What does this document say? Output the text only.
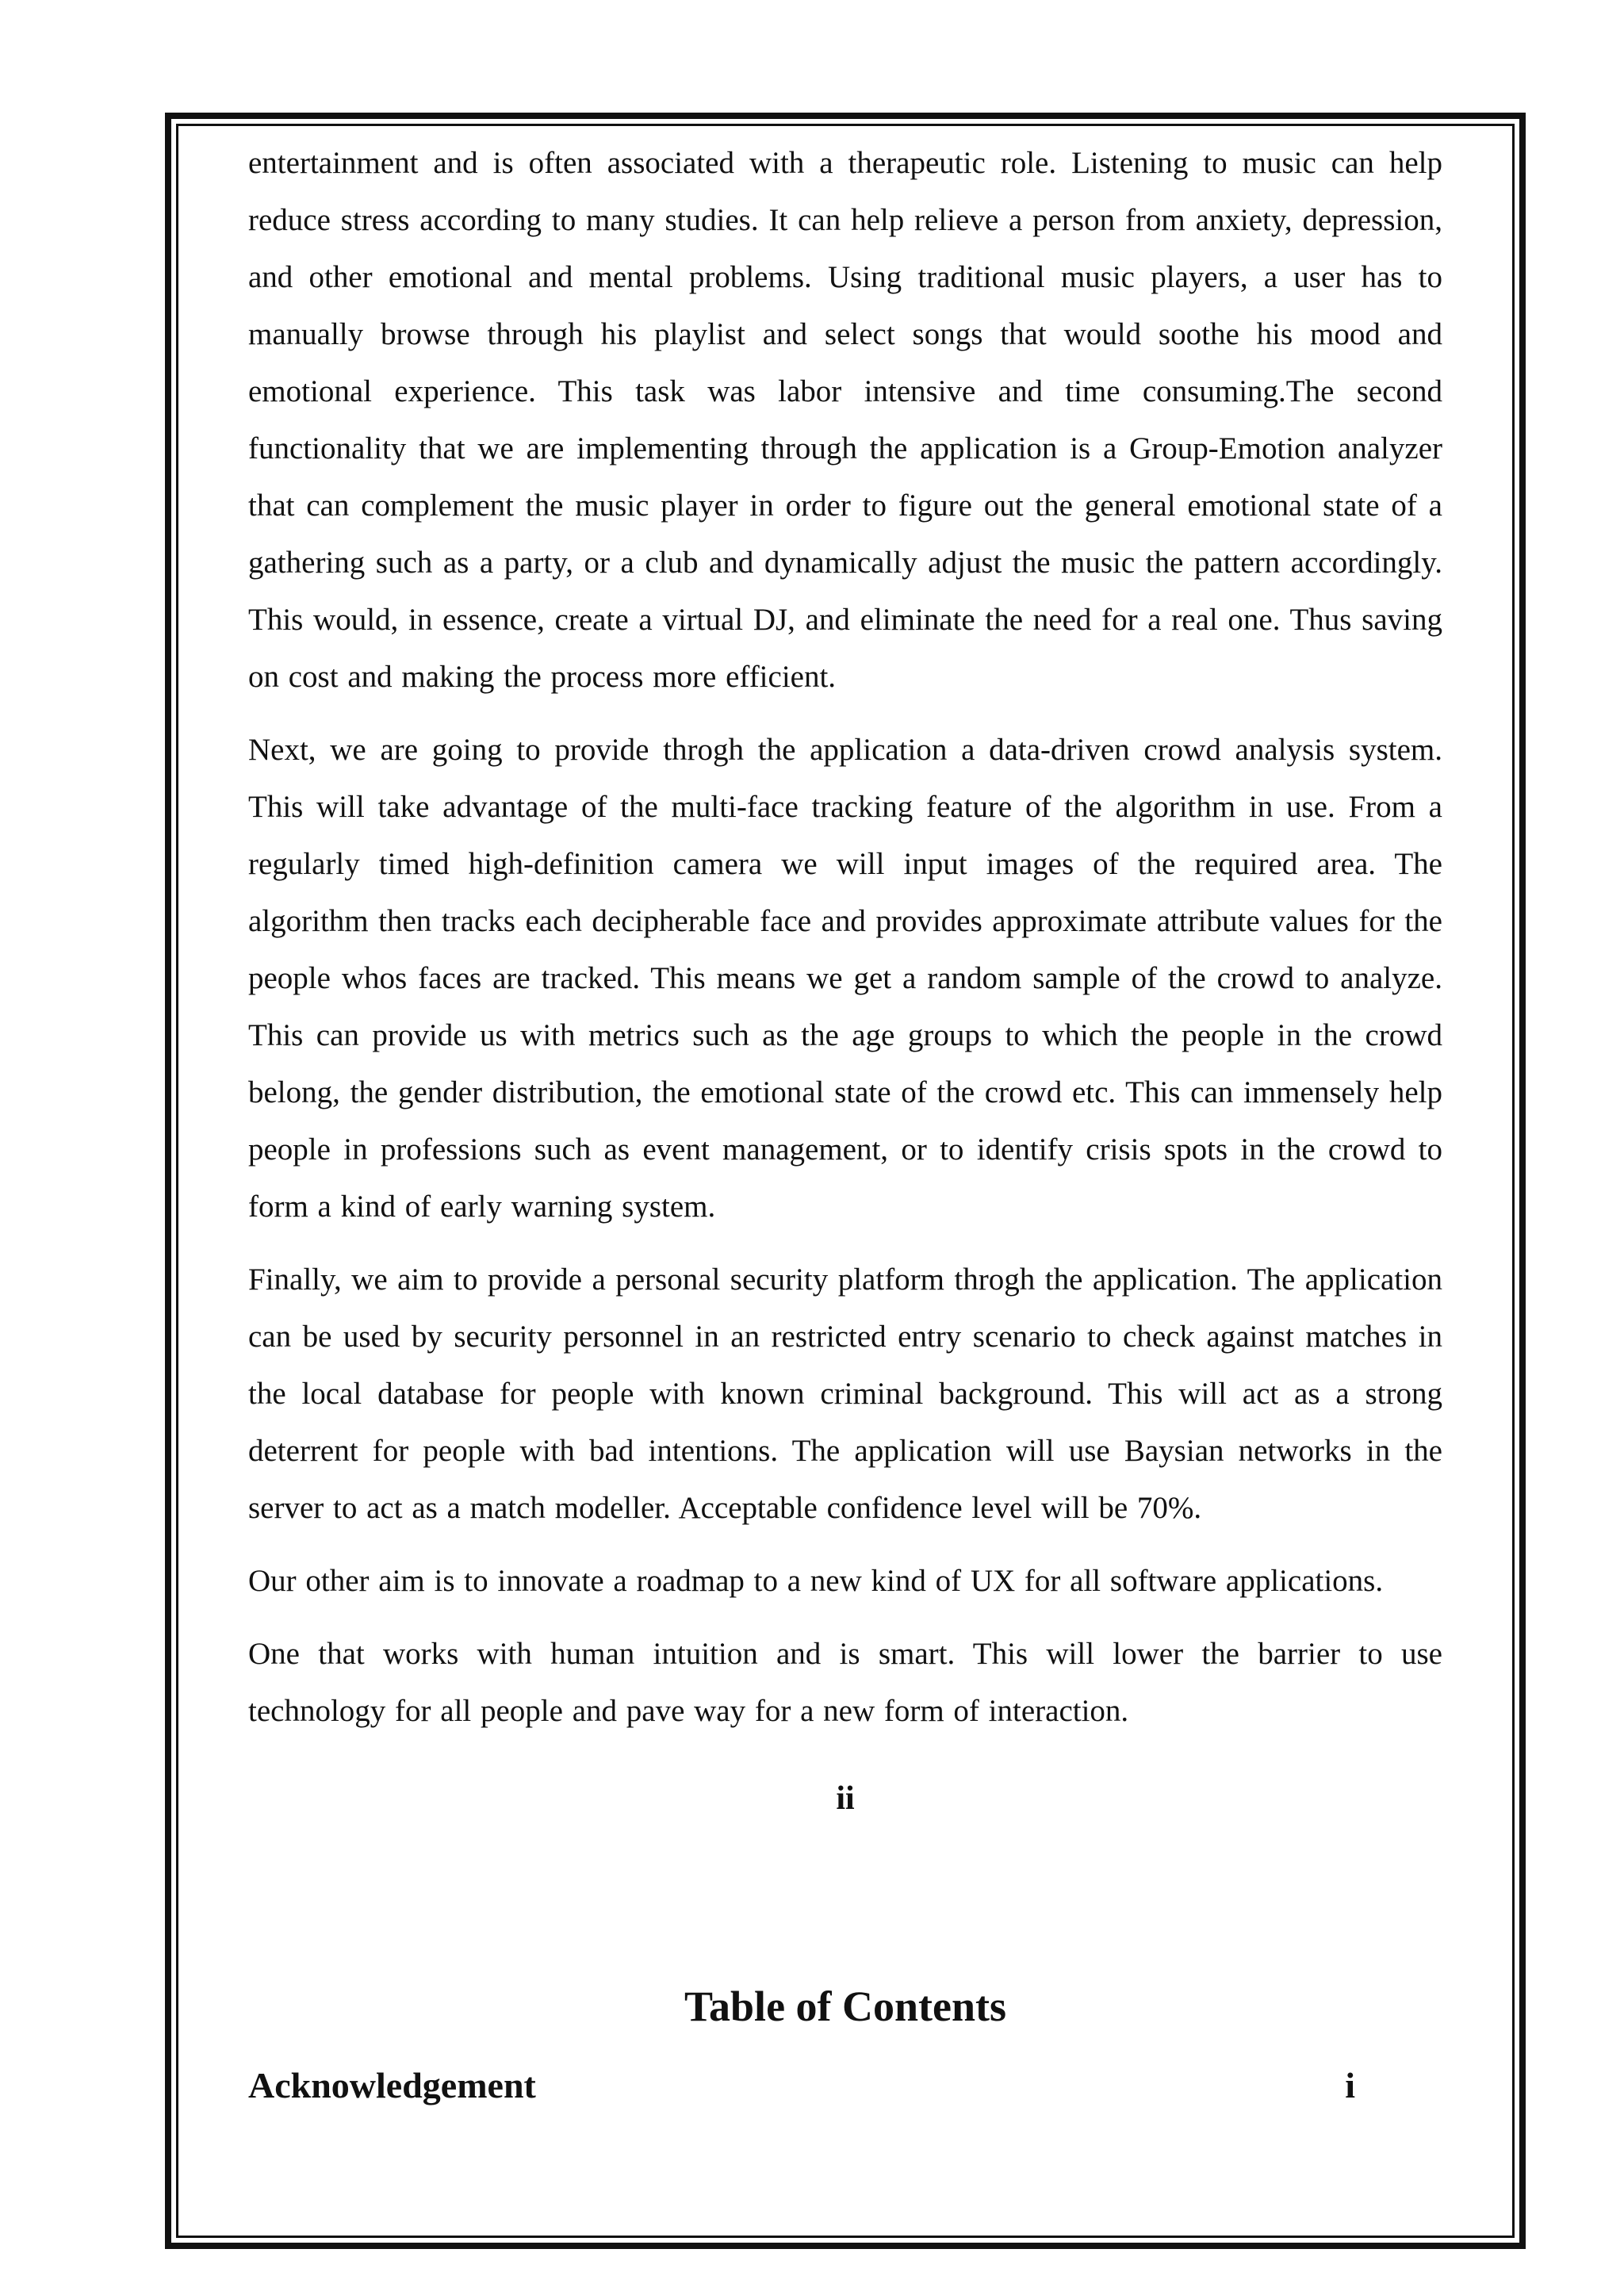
entertainment and is often associated with a therapeutic role. Listening to music can help reduce stress according to many studies. It can help relieve a person from anxiety, depression, and other emotional and mental problems. Using traditional music players, a user has to manually browse through his playlist and select songs that would soothe his mood and emotional experience. This task was labor intensive and time consuming.The second functionality that we are implementing through the application is a Group-Emotion analyzer that can complement the music player in order to figure out the general emotional state of a gathering such as a party, or a club and dynamically adjust the music the pattern accordingly. This would, in essence, create a virtual DJ, and eliminate the need for a real one. Thus saving on cost and making the process more efficient.

Next, we are going to provide throgh the application a data-driven crowd analysis system. This will take advantage of the multi-face tracking feature of the algorithm in use. From a regularly timed high-definition camera we will input images of the required area. The algorithm then tracks each decipherable face and provides approximate attribute values for the people whos faces are tracked. This means we get a random sample of the crowd to analyze. This can provide us with metrics such as the age groups to which the people in the crowd belong, the gender distribution, the emotional state of the crowd etc. This can immensely help people in professions such as event management, or to identify crisis spots in the crowd to form a kind of early warning system.

Finally, we aim to provide a personal security platform throgh the application. The application can be used by security personnel in an restricted entry scenario to check against matches in the local database for people with known criminal background. This will act as a strong deterrent for people with bad intentions. The application will use Baysian networks in the server to act as a match modeller. Acceptable confidence level will be 70%.

Our other aim is to innovate a roadmap to a new kind of UX for all software applications.

One that works with human intuition and is smart. This will lower the barrier to use technology for all people and pave way for a new form of interaction.

ii
Table of Contents
Acknowledgement	i
